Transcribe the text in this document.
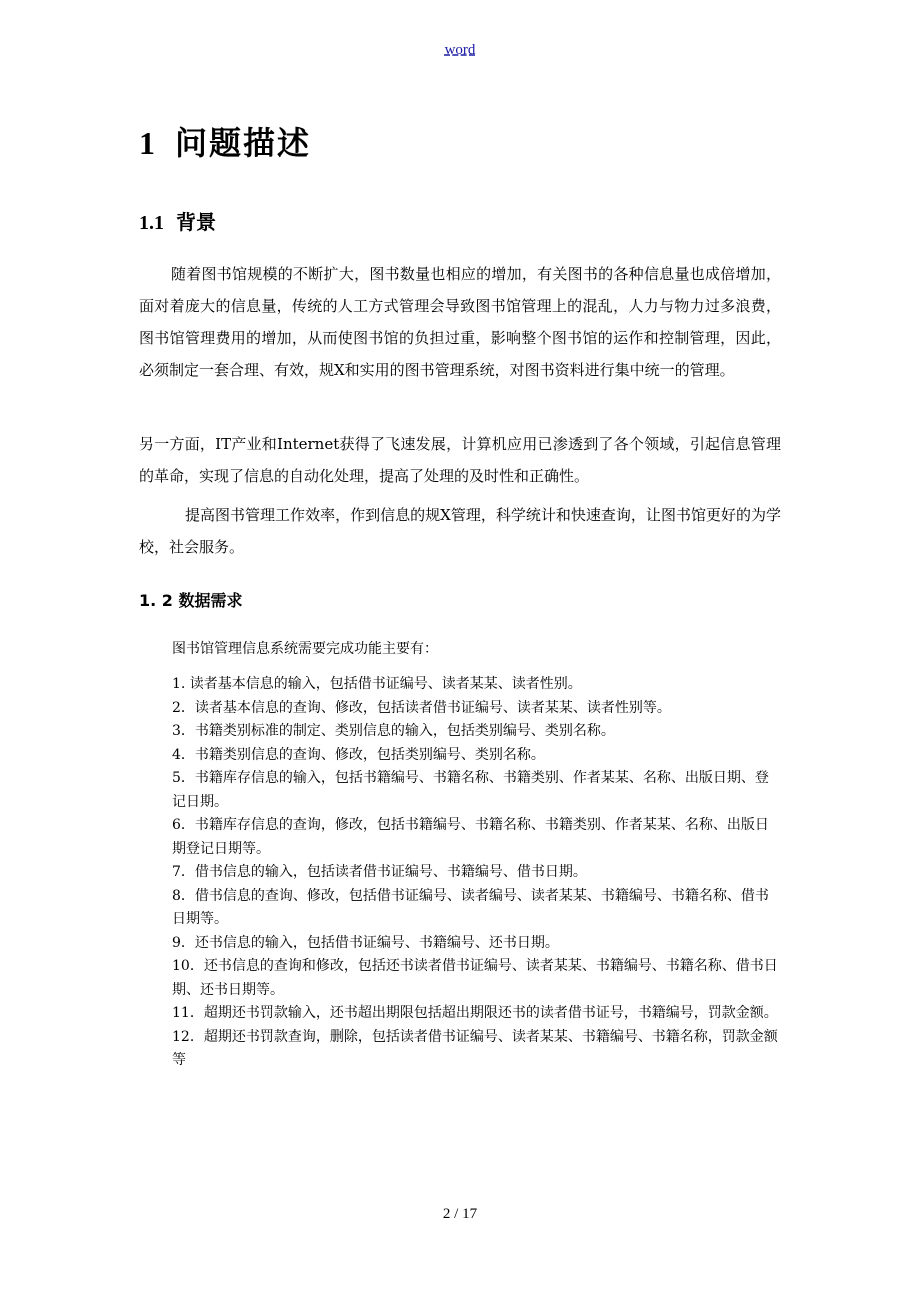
word
1 问题描述
1.1 背景

随着图书馆规模的不断扩大，图书数量也相应的增加，有关图书的各种信息量也成倍增加，面对着庞大的信息量，传统的人工方式管理会导致图书馆管理上的混乱，人力与物力过多浪费，图书馆管理费用的增加，从而使图书馆的负担过重，影响整个图书馆的运作和控制管理，因此，必须制定一套合理、有效，规X和实用的图书管理系统，对图书资料进行集中统一的管理。

另一方面，IT产业和Internet获得了飞速发展，计算机应用已渗透到了各个领域，引起信息管理的革命，实现了信息的自动化处理，提高了处理的及时性和正确性。

提高图书管理工作效率，作到信息的规X管理，科学统计和快速查询，让图书馆更好的为学校，社会服务。

1. 2 数据需求

图书馆管理信息系统需要完成功能主要有：

1. 读者基本信息的输入，包括借书证编号、读者某某、读者性别。
2．读者基本信息的查询、修改，包括读者借书证编号、读者某某、读者性别等。
3．书籍类别标准的制定、类别信息的输入，包括类别编号、类别名称。
4．书籍类别信息的查询、修改，包括类别编号、类别名称。
5．书籍库存信息的输入，包括书籍编号、书籍名称、书籍类别、作者某某、名称、出版日期、登记日期。
6．书籍库存信息的查询，修改，包括书籍编号、书籍名称、书籍类别、作者某某、名称、出版日期登记日期等。
7．借书信息的输入，包括读者借书证编号、书籍编号、借书日期。
8．借书信息的查询、修改，包括借书证编号、读者编号、读者某某、书籍编号、书籍名称、借书日期等。
9．还书信息的输入，包括借书证编号、书籍编号、还书日期。
10．还书信息的查询和修改，包括还书读者借书证编号、读者某某、书籍编号、书籍名称、借书日期、还书日期等。
11．超期还书罚款输入，还书超出期限包括超出期限还书的读者借书证号，书籍编号，罚款金额。
12．超期还书罚款查询，删除，包括读者借书证编号、读者某某、书籍编号、书籍名称，罚款金额等
2 / 17
